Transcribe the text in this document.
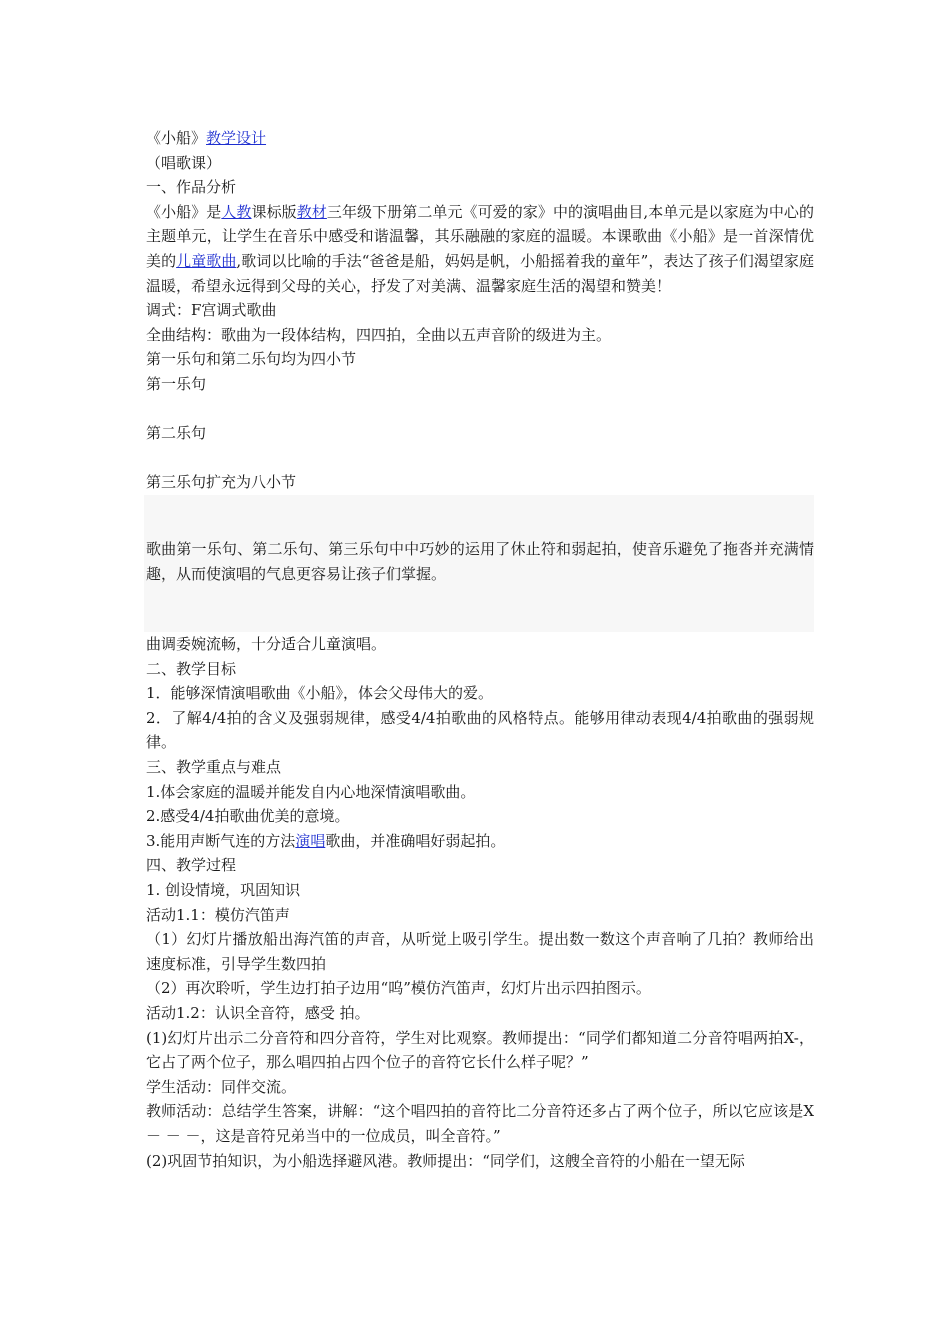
《小船》教学设计
（唱歌课）
一、作品分析
《小船》是人教课标版教材三年级下册第二单元《可爱的家》中的演唱曲目,本单元是以家庭为中心的主题单元，让学生在音乐中感受和谐温馨，其乐融融的家庭的温暖。本课歌曲《小船》是一首深情优美的儿童歌曲,歌词以比喻的手法“爸爸是船，妈妈是帆，小船摇着我的童年”，表达了孩子们渴望家庭温暖，希望永远得到父母的关心，抒发了对美满、温馨家庭生活的渴望和赞美！
调式：F宫调式歌曲
全曲结构：歌曲为一段体结构，四四拍，全曲以五声音阶的级进为主。
第一乐句和第二乐句均为四小节
第一乐句
第二乐句
第三乐句扩充为八小节
歌曲第一乐句、第二乐句、第三乐句中中巧妙的运用了休止符和弱起拍，使音乐避免了拖沓并充满情趣，从而使演唱的气息更容易让孩子们掌握。
曲调委婉流畅，十分适合儿童演唱。
二、教学目标
1．能够深情演唱歌曲《小船》，体会父母伟大的爱。
2．了解4/4拍的含义及强弱规律，感受4/4拍歌曲的风格特点。能够用律动表现4/4拍歌曲的强弱规律。
三、教学重点与难点
1.体会家庭的温暖并能发自内心地深情演唱歌曲。
2.感受4/4拍歌曲优美的意境。
3.能用声断气连的方法演唱歌曲，并准确唱好弱起拍。
四、教学过程
1. 创设情境，巩固知识
活动1.1：模仿汽笛声
（1）幻灯片播放船出海汽笛的声音，从听觉上吸引学生。提出数一数这个声音响了几拍？教师给出速度标准，引导学生数四拍
（2）再次聆听，学生边打拍子边用“呜”模仿汽笛声，幻灯片出示四拍图示。
活动1.2：认识全音符，感受 拍。
(1)幻灯片出示二分音符和四分音符，学生对比观察。教师提出：“同学们都知道二分音符唱两拍X-，它占了两个位子，那么唱四拍占四个位子的音符它长什么样子呢？”
学生活动：同伴交流。
教师活动：总结学生答案，讲解：“这个唱四拍的音符比二分音符还多占了两个位子，所以它应该是X － － －，这是音符兄弟当中的一位成员，叫全音符。”
(2)巩固节拍知识，为小船选择避风港。教师提出：“同学们，这艘全音符的小船在一望无际
